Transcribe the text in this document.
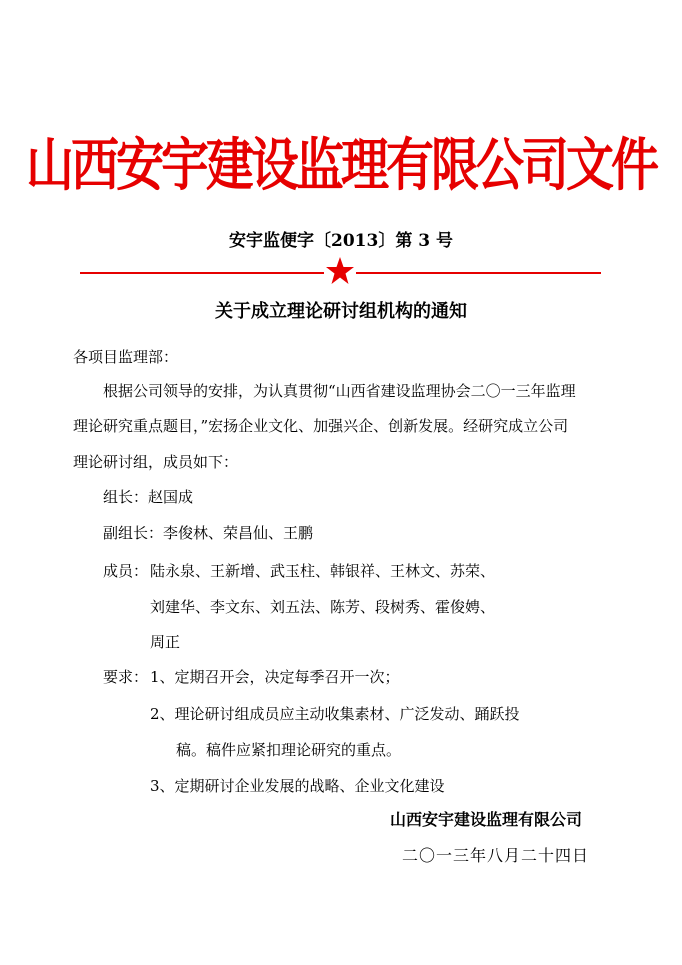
山西安宇建设监理有限公司文件
安宇监便字〔2013〕第 3 号
关于成立理论研讨组机构的通知
各项目监理部：
根据公司领导的安排，为认真贯彻“山西省建设监理协会二〇一三年监理
理论研究重点题目，”宏扬企业文化、加强兴企、创新发展。经研究成立公司
理论研讨组，成员如下：
组长：赵国成
副组长：李俊林、荣昌仙、王鹏
成员： 陆永泉、王新增、武玉柱、韩银祥、王林文、苏荣、
刘建华、李文东、刘五法、陈芳、段树秀、霍俊娉、
周正
要求： 1、定期召开会，决定每季召开一次；
2、理论研讨组成员应主动收集素材、广泛发动、踊跃投
稿。稿件应紧扣理论研究的重点。
3、定期研讨企业发展的战略、企业文化建设
山西安宇建设监理有限公司
二〇一三年八月二十四日
